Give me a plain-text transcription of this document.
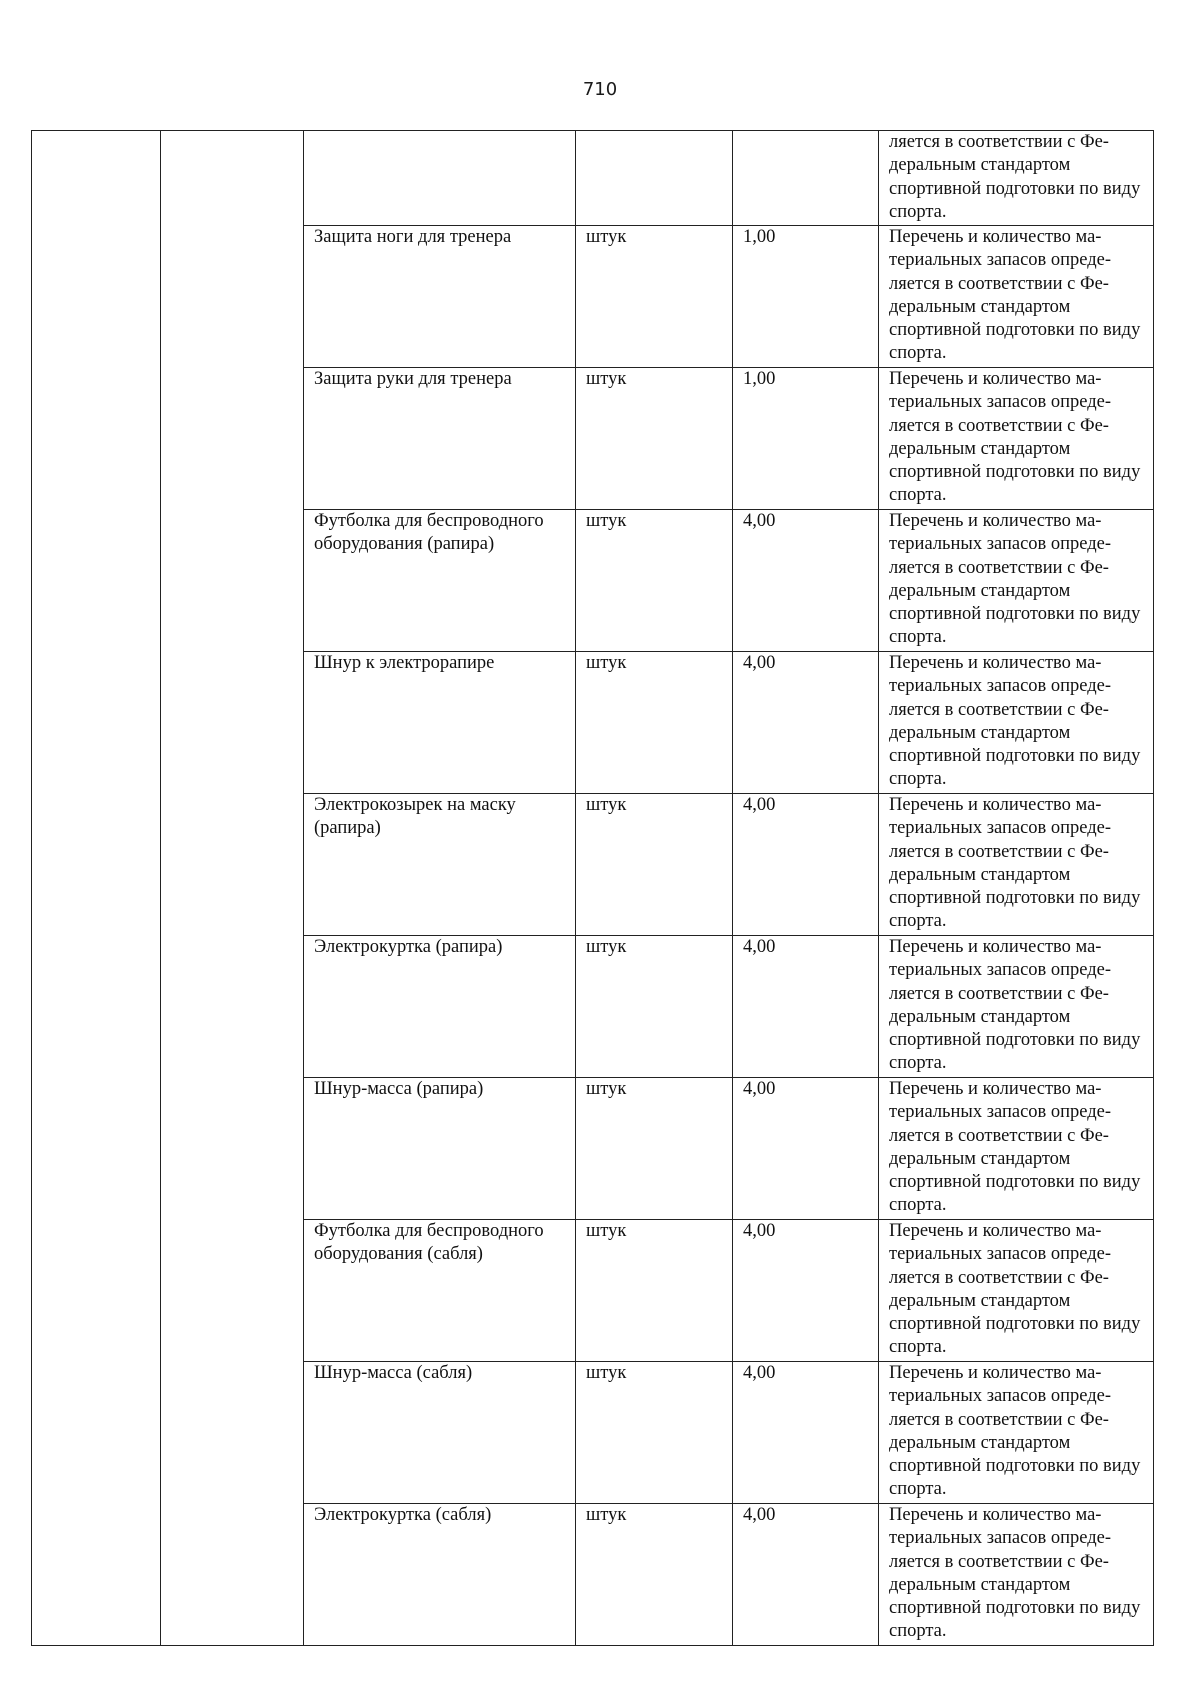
710
					ляется в соответствии с Фе- деральным стандартом спортивной подготовки по виду спорта.
		Защита ноги для тренера	штук	1,00	Перечень и количество ма- териальных запасов опреде- ляется в соответствии с Фе- деральным стандартом спортивной подготовки по виду спорта.
		Защита руки для тренера	штук	1,00	Перечень и количество ма- териальных запасов опреде- ляется в соответствии с Фе- деральным стандартом спортивной подготовки по виду спорта.
		Футболка для беспроводного оборудования (рапира)	штук	4,00	Перечень и количество ма- териальных запасов опреде- ляется в соответствии с Фе- деральным стандартом спортивной подготовки по виду спорта.
		Шнур к электрорапире	штук	4,00	Перечень и количество ма- териальных запасов опреде- ляется в соответствии с Фе- деральным стандартом спортивной подготовки по виду спорта.
		Электрокозырек на маску (рапира)	штук	4,00	Перечень и количество ма- териальных запасов опреде- ляется в соответствии с Фе- деральным стандартом спортивной подготовки по виду спорта.
		Электрокуртка (рапира)	штук	4,00	Перечень и количество ма- териальных запасов опреде- ляется в соответствии с Фе- деральным стандартом спортивной подготовки по виду спорта.
		Шнур-масса (рапира)	штук	4,00	Перечень и количество ма- териальных запасов опреде- ляется в соответствии с Фе- деральным стандартом спортивной подготовки по виду спорта.
		Футболка для беспроводного оборудования (сабля)	штук	4,00	Перечень и количество ма- териальных запасов опреде- ляется в соответствии с Фе- деральным стандартом спортивной подготовки по виду спорта.
		Шнур-масса (сабля)	штук	4,00	Перечень и количество ма- териальных запасов опреде- ляется в соответствии с Фе- деральным стандартом спортивной подготовки по виду спорта.
		Электрокуртка (сабля)	штук	4,00	Перечень и количество ма- териальных запасов опреде- ляется в соответствии с Фе- деральным стандартом спортивной подготовки по виду спорта.
